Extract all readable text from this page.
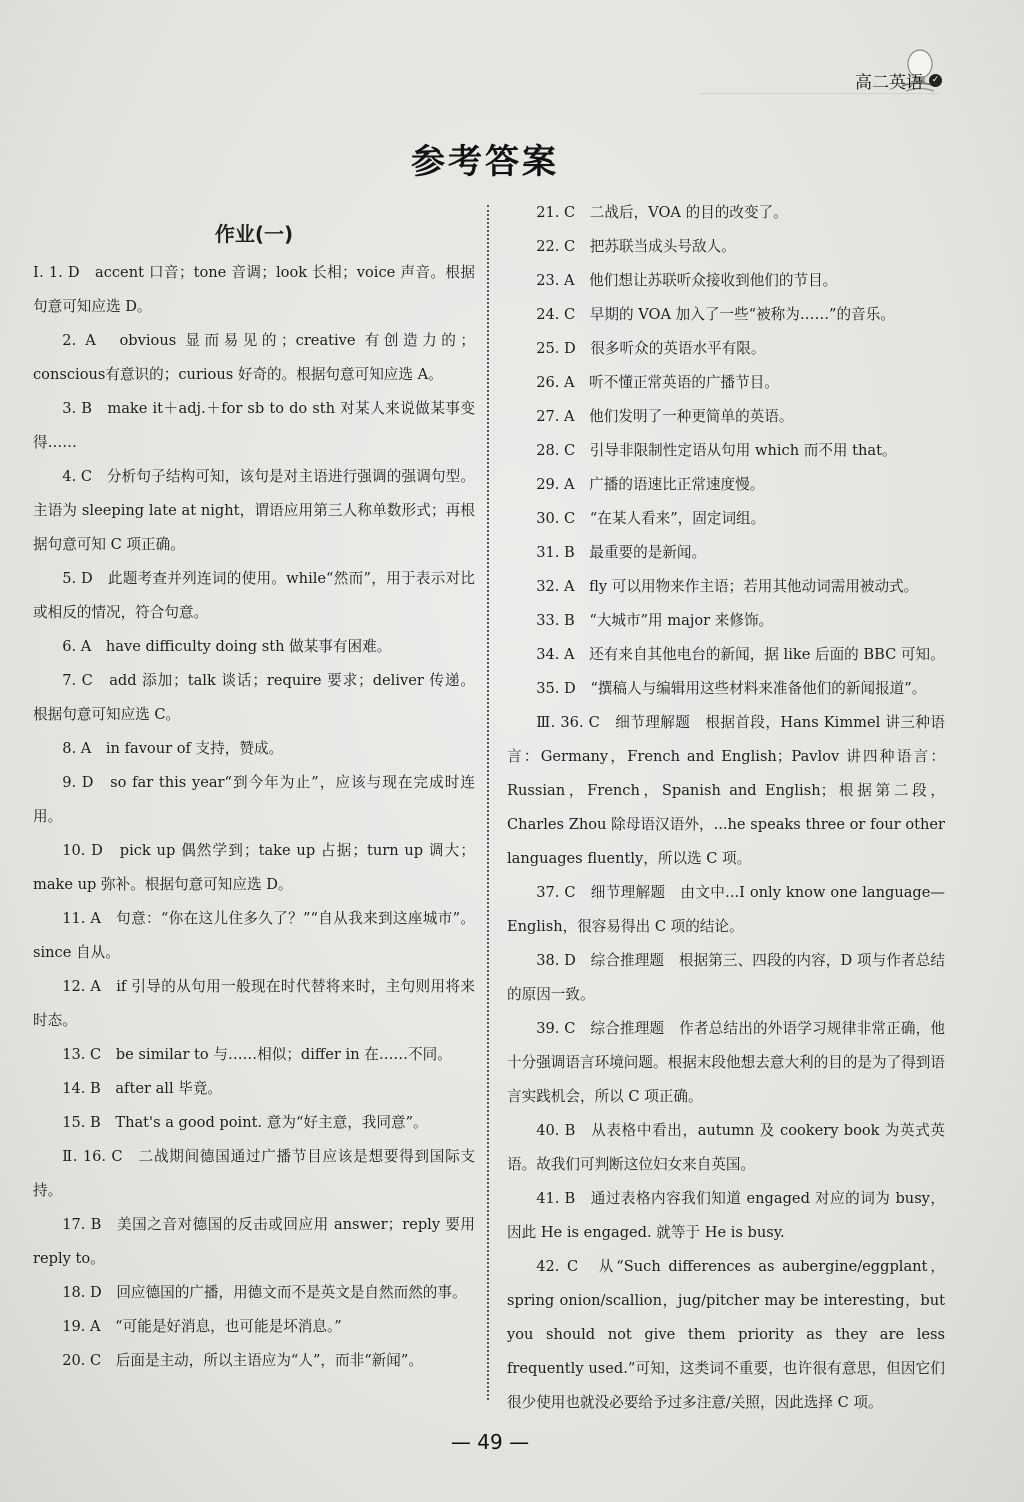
高二英语 ✓
参考答案
作业(一)
Ⅰ. 1. D　accent 口音；tone 音调；look 长相；voice 声音。根据句意可知应选 D。
2. A　obvious 显而易见的；creative 有创造力的；conscious有意识的；curious 好奇的。根据句意可知应选 A。
3. B　make it＋adj.＋for sb to do sth 对某人来说做某事变得……
4. C　分析句子结构可知，该句是对主语进行强调的强调句型。主语为 sleeping late at night，谓语应用第三人称单数形式；再根据句意可知 C 项正确。
5. D　此题考查并列连词的使用。while“然而”，用于表示对比或相反的情况，符合句意。
6. A　have difficulty doing sth 做某事有困难。
7. C　add 添加；talk 谈话；require 要求；deliver 传递。根据句意可知应选 C。
8. A　in favour of 支持，赞成。
9. D　so far this year“到今年为止”，应该与现在完成时连用。
10. D　pick up 偶然学到；take up 占据；turn up 调大；make up 弥补。根据句意可知应选 D。
11. A　句意：“你在这儿住多久了？”“自从我来到这座城市”。since 自从。
12. A　if 引导的从句用一般现在时代替将来时，主句则用将来时态。
13. C　be similar to 与……相似；differ in 在……不同。
14. B　after all 毕竟。
15. B　That's a good point. 意为“好主意，我同意”。
Ⅱ. 16. C　二战期间德国通过广播节目应该是想要得到国际支持。
17. B　美国之音对德国的反击或回应用 answer；reply 要用 reply to。
18. D　回应德国的广播，用德文而不是英文是自然而然的事。
19. A　“可能是好消息，也可能是坏消息。”
20. C　后面是主动，所以主语应为“人”，而非“新闻”。
21. C　二战后，VOA 的目的改变了。
22. C　把苏联当成头号敌人。
23. A　他们想让苏联听众接收到他们的节目。
24. C　早期的 VOA 加入了一些“被称为……”的音乐。
25. D　很多听众的英语水平有限。
26. A　听不懂正常英语的广播节目。
27. A　他们发明了一种更简单的英语。
28. C　引导非限制性定语从句用 which 而不用 that。
29. A　广播的语速比正常速度慢。
30. C　“在某人看来”，固定词组。
31. B　最重要的是新闻。
32. A　fly 可以用物来作主语；若用其他动词需用被动式。
33. B　“大城市”用 major 来修饰。
34. A　还有来自其他电台的新闻，据 like 后面的 BBC 可知。
35. D　“撰稿人与编辑用这些材料来准备他们的新闻报道”。
Ⅲ. 36. C　细节理解题　根据首段，Hans Kimmel 讲三种语言：Germany，French and English；Pavlov 讲四种语言：Russian，French，Spanish and English；根据第二段，Charles Zhou 除母语汉语外，...he speaks three or four other languages fluently，所以选 C 项。
37. C　细节理解题　由文中...I only know one language—English，很容易得出 C 项的结论。
38. D　综合推理题　根据第三、四段的内容，D 项与作者总结的原因一致。
39. C　综合推理题　作者总结出的外语学习规律非常正确，他十分强调语言环境问题。根据末段他想去意大利的目的是为了得到语言实践机会，所以 C 项正确。
40. B　从表格中看出，autumn 及 cookery book 为英式英语。故我们可判断这位妇女来自英国。
41. B　通过表格内容我们知道 engaged 对应的词为 busy，因此 He is engaged. 就等于 He is busy.
42. C　从“Such differences as aubergine/eggplant，spring onion/scallion，jug/pitcher may be interesting，but you should not give them priority as they are less frequently used.”可知，这类词不重要，也许很有意思，但因它们很少使用也就没必要给予过多注意/关照，因此选择 C 项。
— 49 —
